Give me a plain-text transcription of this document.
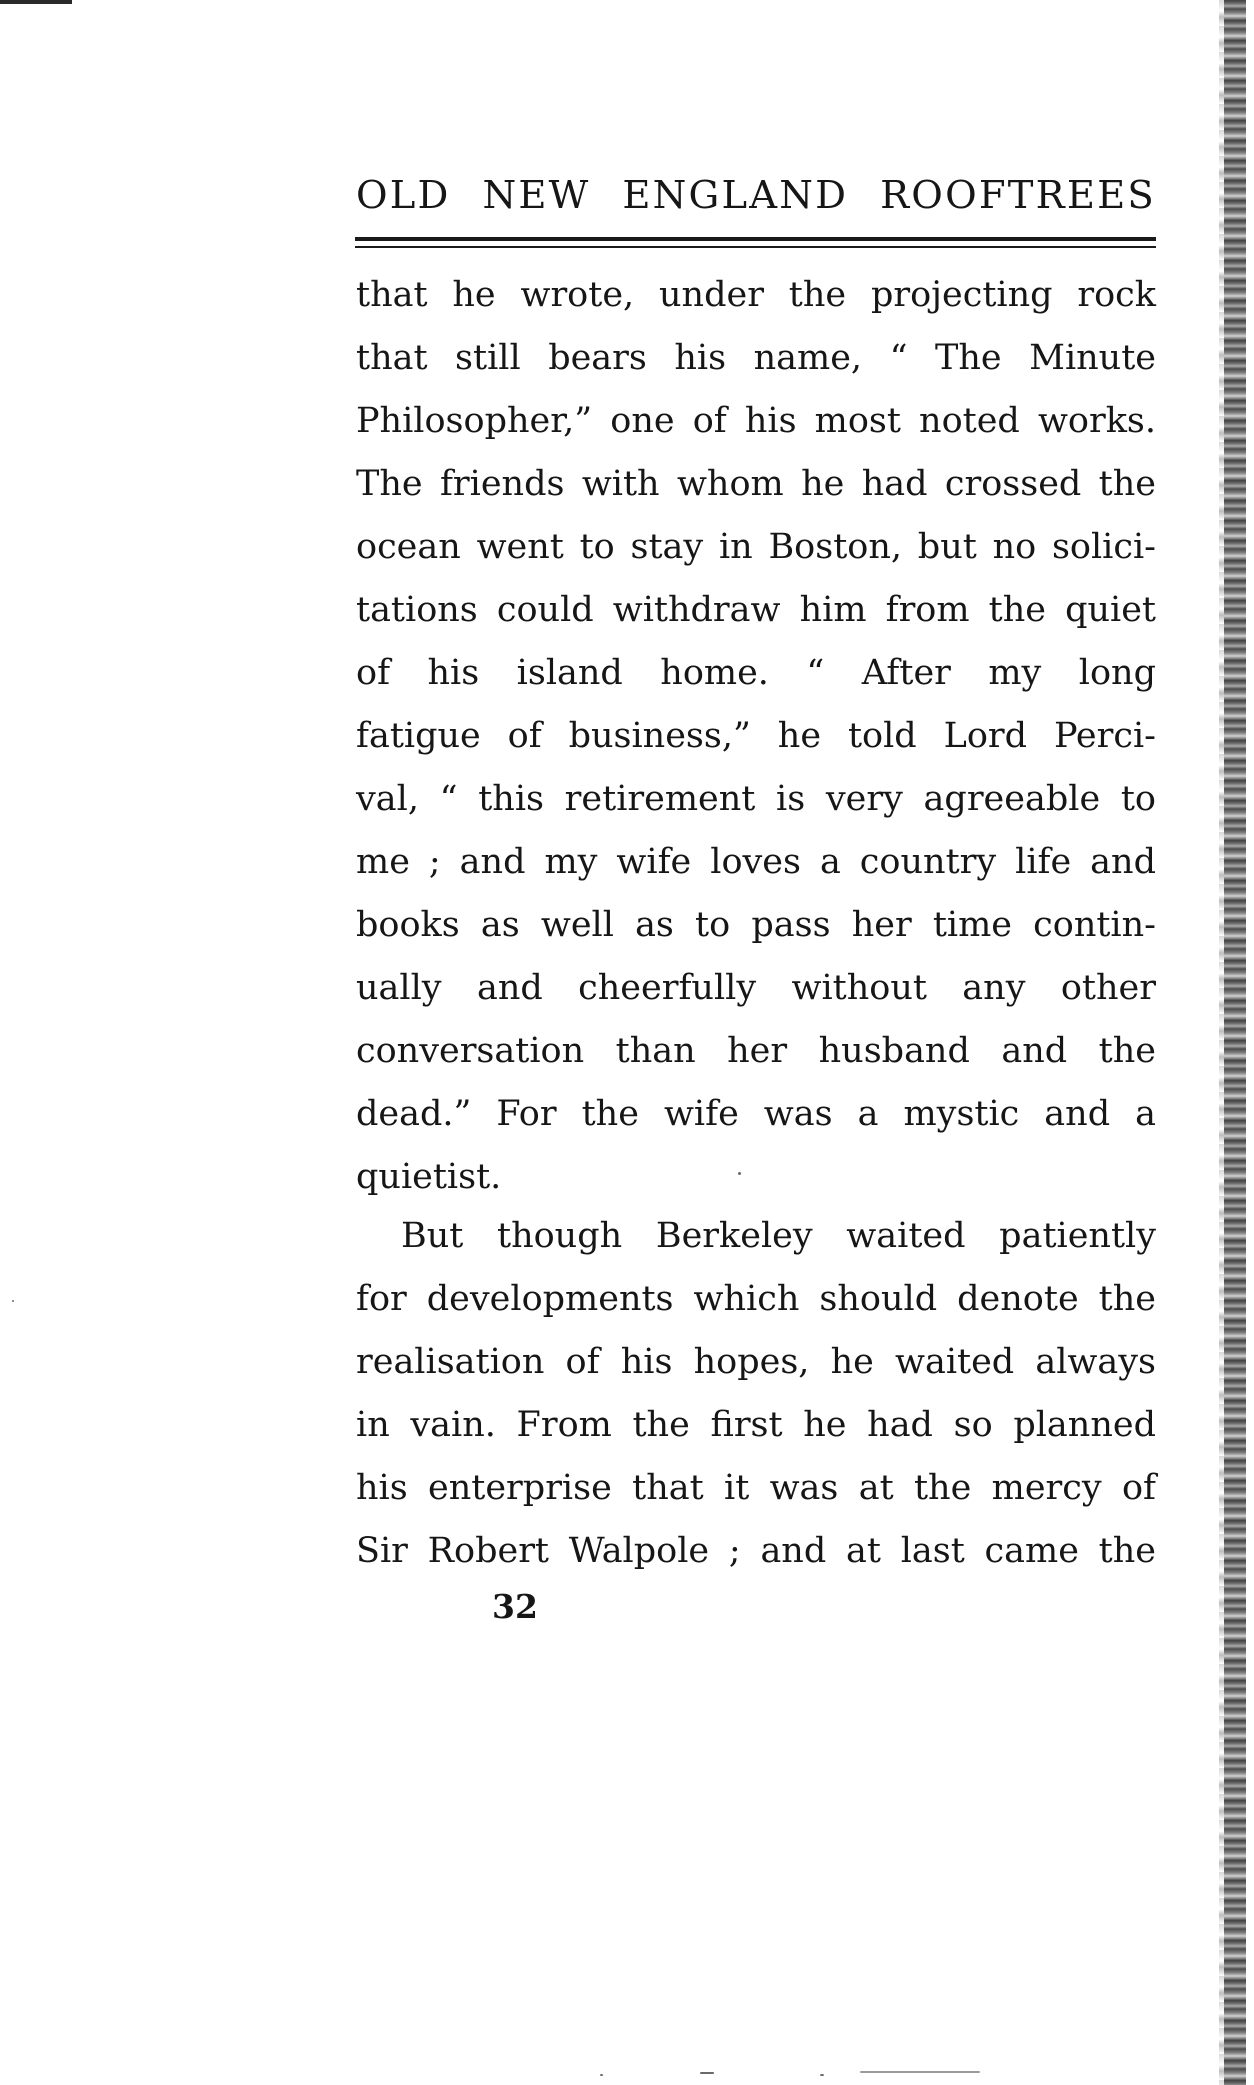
OLD NEW ENGLAND ROOFTREES
that he wrote, under the projecting rock
that still bears his name, “ The Minute
Philosopher,” one of his most noted works.
The friends with whom he had crossed the
ocean went to stay in Boston, but no solici-
tations could withdraw him from the quiet
of his island home. “ After my long
fatigue of business,” he told Lord Perci-
val, “ this retirement is very agreeable to
me ; and my wife loves a country life and
books as well as to pass her time contin-
ually and cheerfully without any other
conversation than her husband and the
dead.” For the wife was a mystic and a
quietist.
But though Berkeley waited patiently
for developments which should denote the
realisation of his hopes, he waited always
in vain. From the first he had so planned
his enterprise that it was at the mercy of
Sir Robert Walpole ; and at last came the
32
